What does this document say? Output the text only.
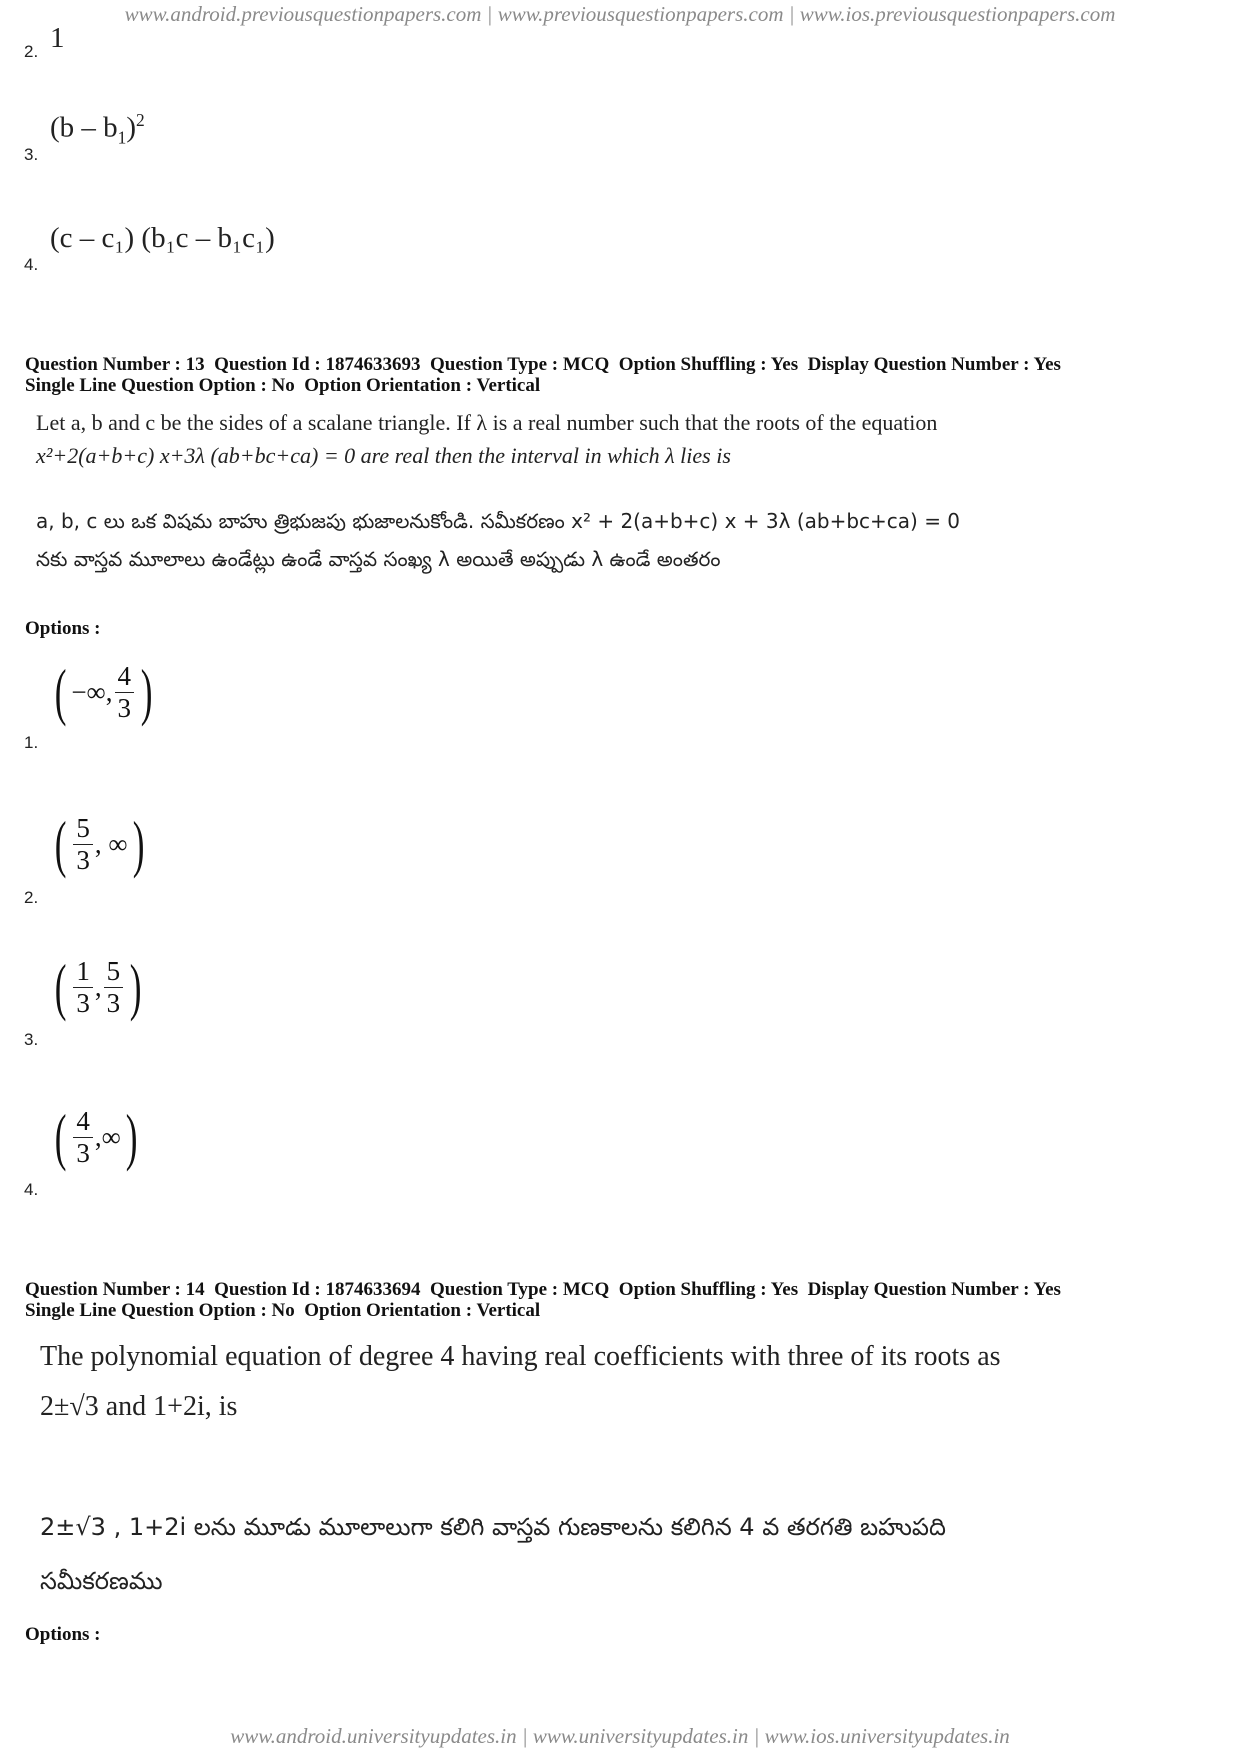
www.android.previousquestionpapers.com | www.previousquestionpapers.com | www.ios.previousquestionpapers.com
2. 1
3.
$(b - b_1)^2$
4.
(c – c₁) (b₁c – b₁c₁)
Question Number : 13  Question Id : 1874633693  Question Type : MCQ  Option Shuffling : Yes  Display Question Number : Yes
Single Line Question Option : No  Option Orientation : Vertical
Let a, b and c be the sides of a scalane triangle. If λ is a real number such that the roots of the equation
x²+2(a+b+c) x+3λ (ab+bc+ca) = 0 are real then the interval in which λ lies is
a, b, c లు ఒక విషమ బాహు త్రిభుజపు భుజాలనుకోండి. సమీకరణం x² + 2(a+b+c) x + 3λ (ab+bc+ca) = 0
నకు వాస్తవ మూలాలు ఉండేట్లు ఉండే వాస్తవ సంఖ్య λ అయితే అప్పుడు λ ఉండే అంతరం
Options :
1.
( −∞, $\frac{4}{3}$ )
2.
( $\frac{5}{3}$ , ∞ )
3.
( $\frac{1}{3}$ , $\frac{5}{3}$ )
4.
( $\frac{4}{3}$ ,∞ )
Question Number : 14  Question Id : 1874633694  Question Type : MCQ  Option Shuffling : Yes  Display Question Number : Yes
Single Line Question Option : No  Option Orientation : Vertical
The polynomial equation of degree 4 having real coefficients with three of its roots as
2±√3 and 1+2i, is
2±√3 , 1+2i లను మూడు మూలాలుగా కలిగి వాస్తవ గుణకాలను కలిగిన 4 వ తరగతి బహుపది
సమీకరణము
Options :
www.android.universityupdates.in | www.universityupdates.in | www.ios.universityupdates.in
